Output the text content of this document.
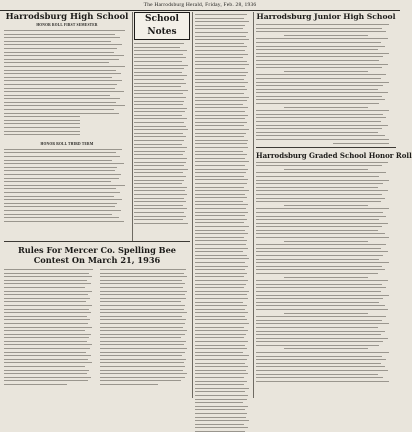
The Harrodsburg Herald, Friday, Feb. 28, 1936
Harrodsburg High School
HONOR ROLL FIRST SEMESTER
HONOR ROLL THIRD TERM
Rules For Mercer Co. Spelling Bee Contest On March 21, 1936
School Notes
Harrodsburg Junior High School
Harrodsburg Graded School Honor Roll
